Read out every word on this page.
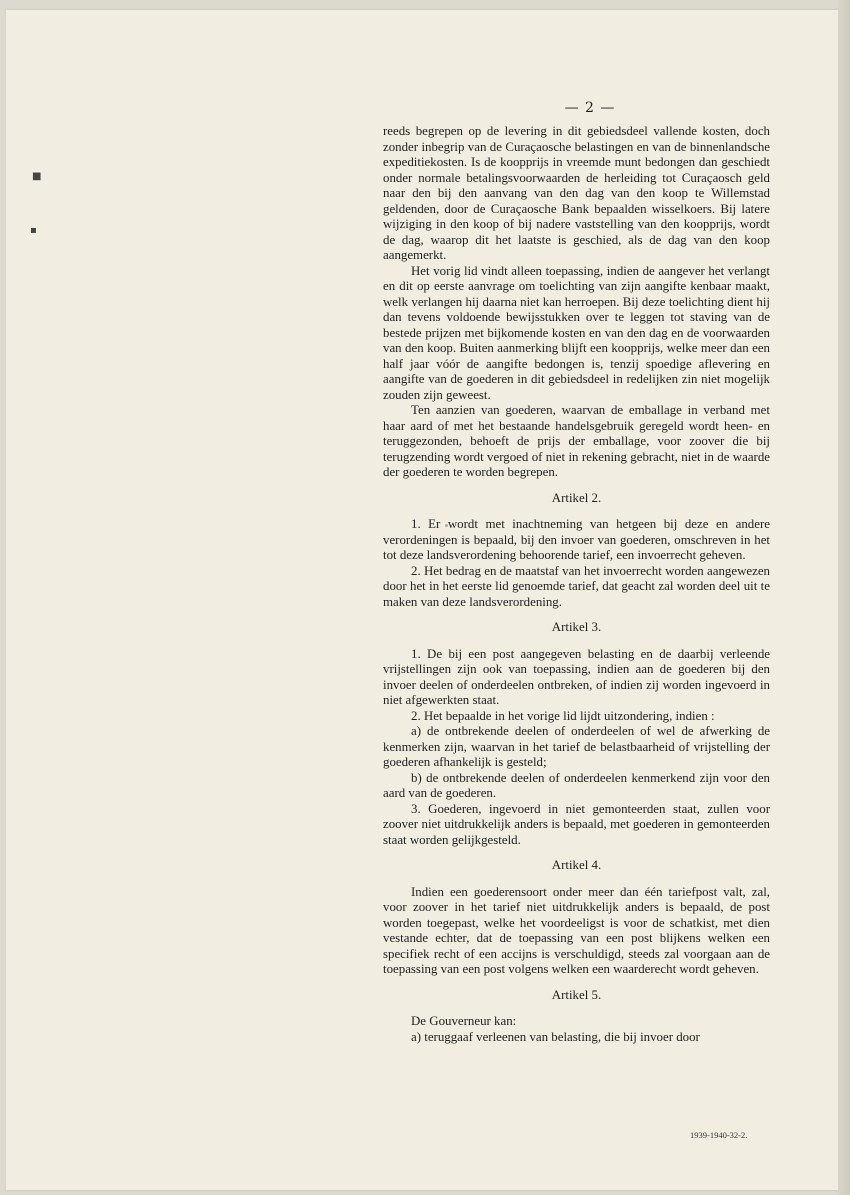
■
▪
— 2 —

reeds begrepen op de levering in dit gebiedsdeel vallende kosten, doch zonder inbegrip van de Curaçaosche belastingen en van de binnenlandsche expeditiekosten. Is de koopprijs in vreemde munt bedongen dan geschiedt onder normale betalingsvoorwaarden de herleiding tot Curaçaosch geld naar den bij den aanvang van den dag van den koop te Willemstad geldenden, door de Curaçaosche Bank bepaalden wisselkoers. Bij latere wijziging in den koop of bij nadere vaststelling van den koopprijs, wordt de dag, waarop dit het laatste is geschied, als de dag van den koop aangemerkt.

Het vorig lid vindt alleen toepassing, indien de aangever het verlangt en dit op eerste aanvrage om toelichting van zijn aangifte kenbaar maakt, welk verlangen hij daarna niet kan herroepen. Bij deze toelichting dient hij dan tevens voldoende bewijsstukken over te leggen tot staving van de bestede prijzen met bijkomende kosten en van den dag en de voorwaarden van den koop. Buiten aanmerking blijft een koopprijs, welke meer dan een half jaar vóór de aangifte bedongen is, tenzij spoedige aflevering en aangifte van de goederen in dit gebiedsdeel in redelijken zin niet mogelijk zouden zijn geweest.

Ten aanzien van goederen, waarvan de emballage in verband met haar aard of met het bestaande handelsgebruik geregeld wordt heen- en teruggezonden, behoeft de prijs der emballage, voor zoover die bij terugzending wordt vergoed of niet in rekening gebracht, niet in de waarde der goederen te worden begrepen.

Artikel 2.

1. Er wordt met inachtneming van hetgeen bij deze en andere verordeningen is bepaald, bij den invoer van goederen, omschreven in het tot deze landsverordening behoorende tarief, een invoerrecht geheven.

2. Het bedrag en de maatstaf van het invoerrecht worden aangewezen door het in het eerste lid genoemde tarief, dat geacht zal worden deel uit te maken van deze landsverordening.

Artikel 3.

1. De bij een post aangegeven belasting en de daarbij verleende vrijstellingen zijn ook van toepassing, indien aan de goederen bij den invoer deelen of onderdeelen ontbreken, of indien zij worden ingevoerd in niet afgewerkten staat.

2. Het bepaalde in het vorige lid lijdt uitzondering, indien :

a) de ontbrekende deelen of onderdeelen of wel de afwerking de kenmerken zijn, waarvan in het tarief de belastbaarheid of vrijstelling der goederen afhankelijk is gesteld;

b) de ontbrekende deelen of onderdeelen kenmerkend zijn voor den aard van de goederen.

3. Goederen, ingevoerd in niet gemonteerden staat, zullen voor zoover niet uitdrukkelijk anders is bepaald, met goederen in gemonteerden staat worden gelijkgesteld.

Artikel 4.

Indien een goederensoort onder meer dan één tariefpost valt, zal, voor zoover in het tarief niet uitdrukkelijk anders is bepaald, de post worden toegepast, welke het voordeeligst is voor de schatkist, met dien vestande echter, dat de toepassing van een post blijkens welken een specifiek recht of een accijns is verschuldigd, steeds zal voorgaan aan de toepassing van een post volgens welken een waarderecht wordt geheven.

Artikel 5.

De Gouverneur kan:

a) teruggaaf verleenen van belasting, die bij invoer door

1939-1940-32-2.
